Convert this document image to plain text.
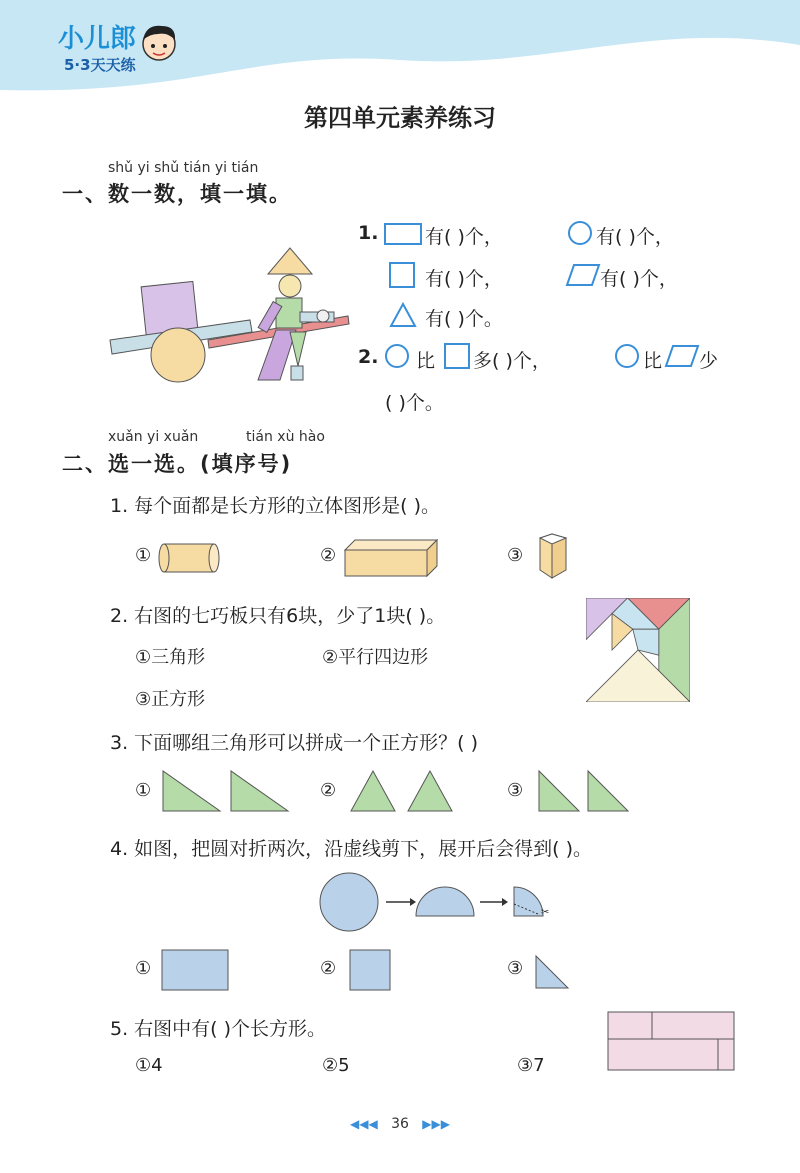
小儿郎
5·3天天练
第四单元素养练习
shǔ yi shǔ tián yi tián
一、数一数，填一填。
1. 有( )个，	有( )个，
有( )个，	有( )个，
有( )个。
2. 比 多( )个，	比 少
( )个。
xuǎn yi xuǎn	tián xù hào
二、选一选。(填序号)
1. 每个面都是长方形的立体图形是( )。
①	②	③
2. 右图的七巧板只有6块，少了1块( )。
①三角形	②平行四边形
③正方形
3. 下面哪组三角形可以拼成一个正方形？( )
①	②	③
4. 如图，把圆对折两次，沿虚线剪下，展开后会得到( )。
✂
①	②	③
5. 右图中有( )个长方形。
①4	②5	③7
◀◀◀ 36 ▶▶▶
